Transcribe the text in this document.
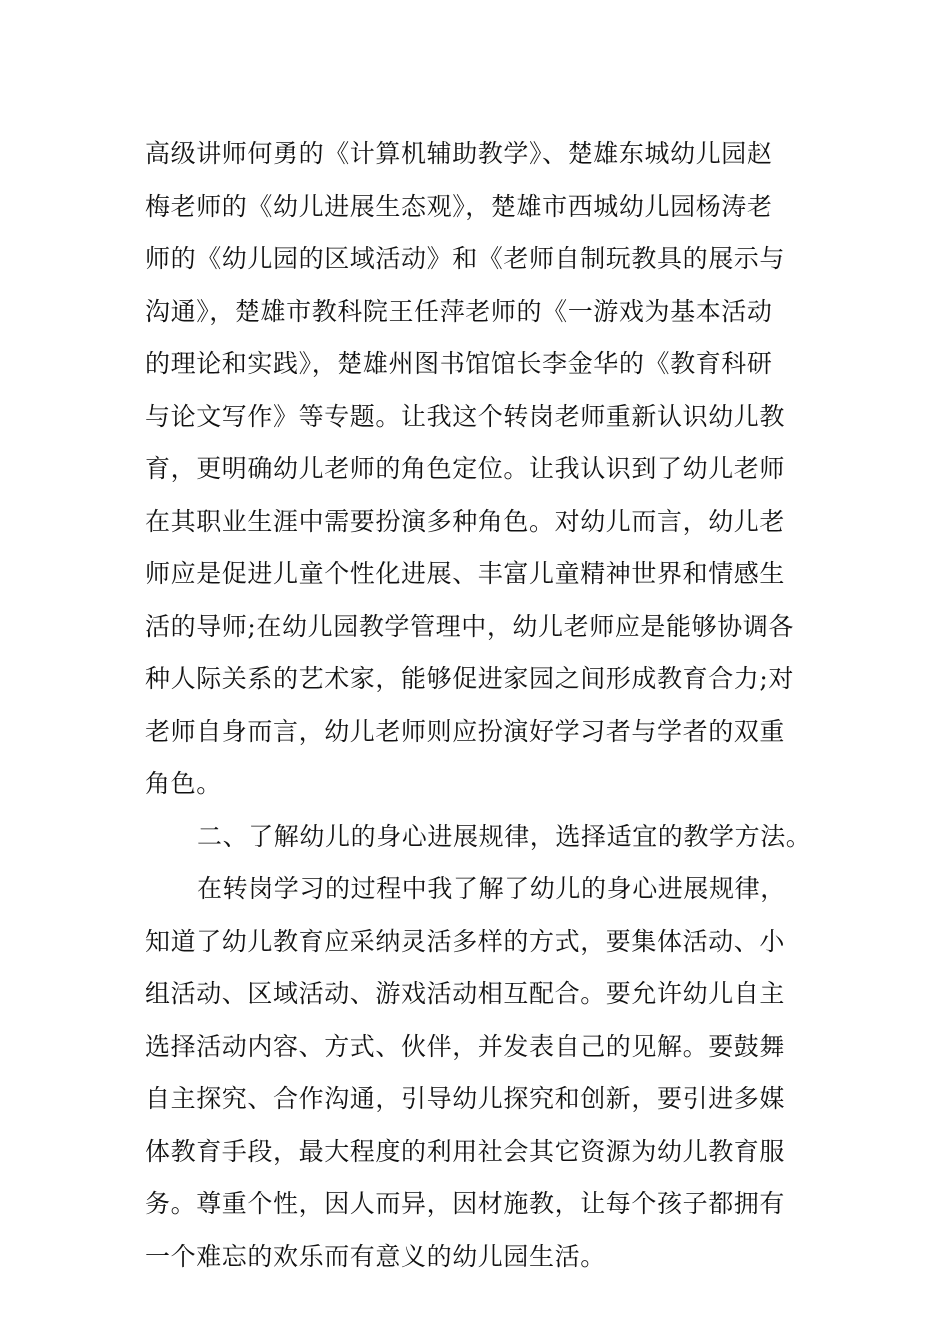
高级讲师何勇的《计算机辅助教学》、楚雄东城幼儿园赵
梅老师的《幼儿进展生态观》，楚雄市西城幼儿园杨涛老
师的《幼儿园的区域活动》和《老师自制玩教具的展示与
沟通》，楚雄市教科院王任萍老师的《一游戏为基本活动
的理论和实践》，楚雄州图书馆馆长李金华的《教育科研
与论文写作》等专题。让我这个转岗老师重新认识幼儿教
育，更明确幼儿老师的角色定位。让我认识到了幼儿老师
在其职业生涯中需要扮演多种角色。对幼儿而言，幼儿老
师应是促进儿童个性化进展、丰富儿童精神世界和情感生
活的导师;在幼儿园教学管理中，幼儿老师应是能够协调各
种人际关系的艺术家，能够促进家园之间形成教育合力;对
老师自身而言，幼儿老师则应扮演好学习者与学者的双重
角色。
二、了解幼儿的身心进展规律，选择适宜的教学方法。
在转岗学习的过程中我了解了幼儿的身心进展规律，
知道了幼儿教育应采纳灵活多样的方式，要集体活动、小
组活动、区域活动、游戏活动相互配合。要允许幼儿自主
选择活动内容、方式、伙伴，并发表自己的见解。要鼓舞
自主探究、合作沟通，引导幼儿探究和创新，要引进多媒
体教育手段，最大程度的利用社会其它资源为幼儿教育服
务。尊重个性，因人而异，因材施教，让每个孩子都拥有
一个难忘的欢乐而有意义的幼儿园生活。
